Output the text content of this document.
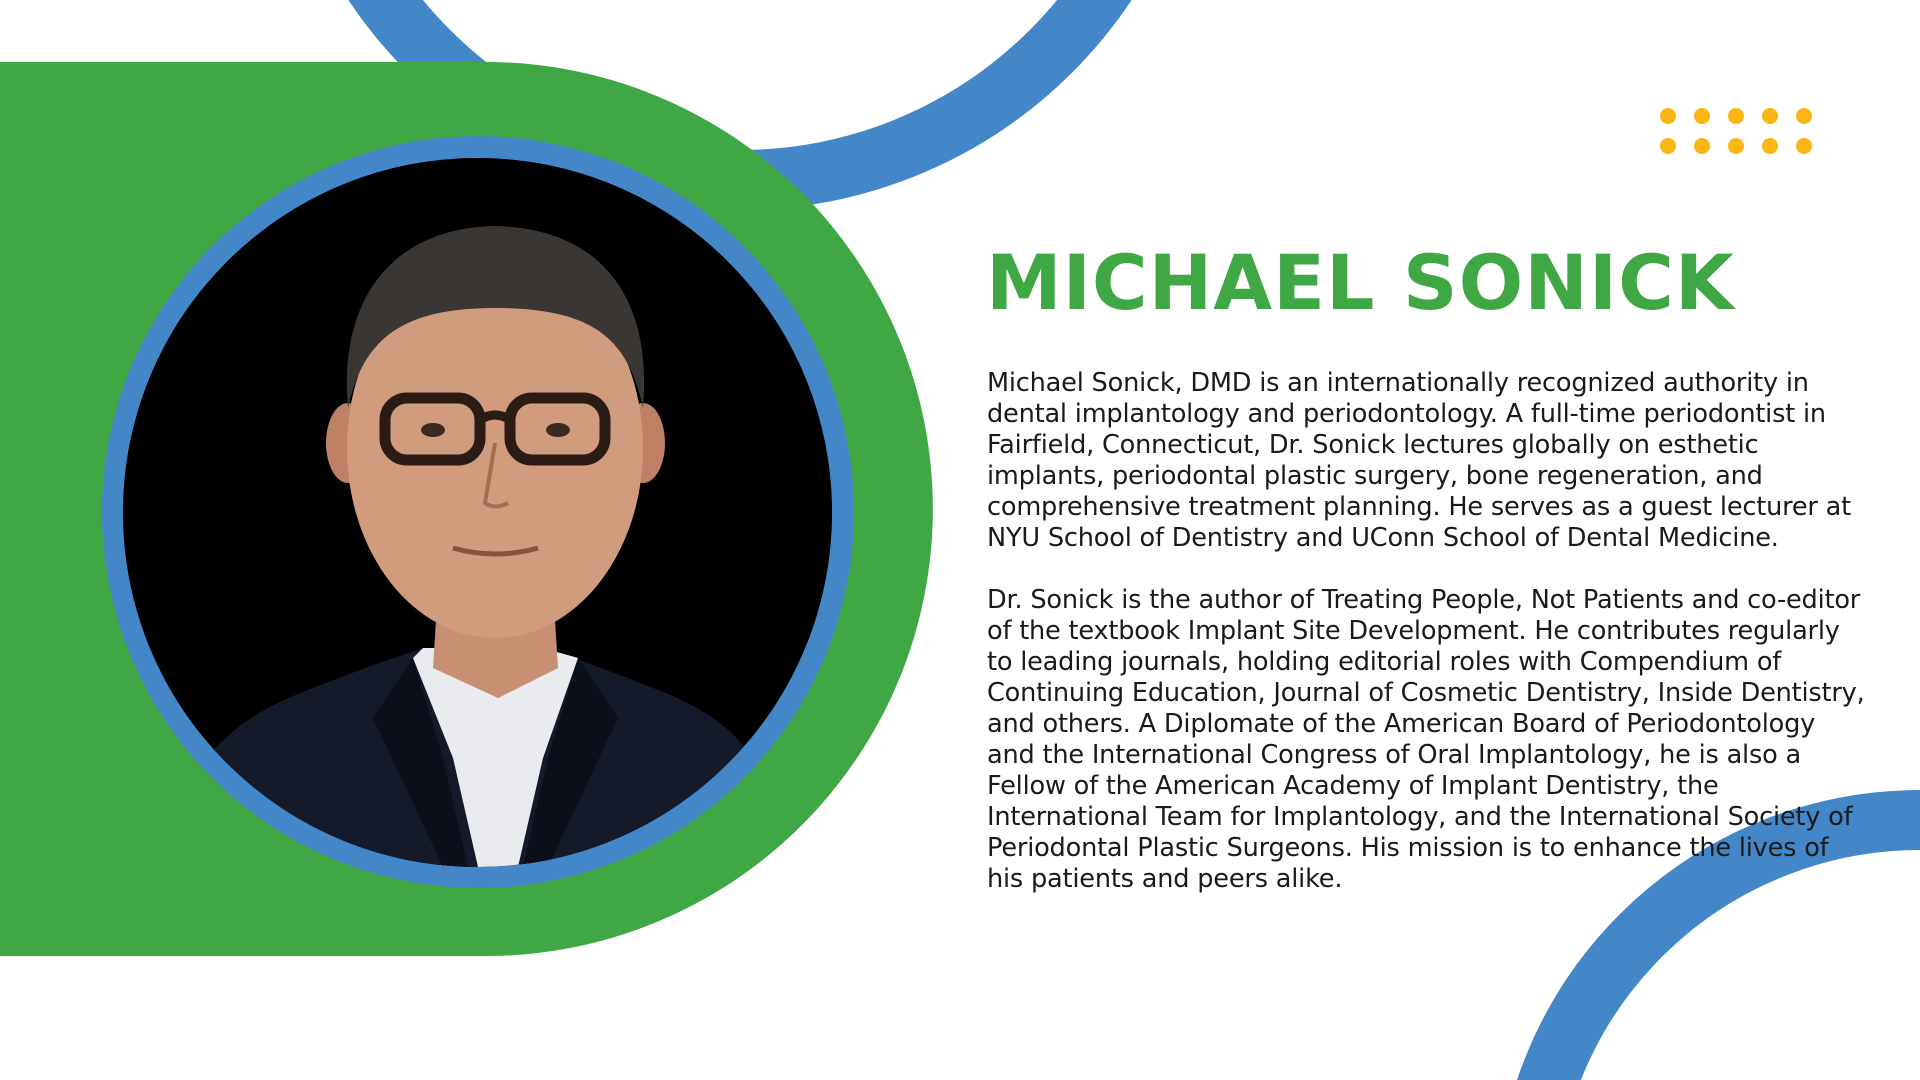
MICHAEL SONICK

Michael Sonick, DMD is an internationally recognized authority in dental implantology and periodontology. A full-time periodontist in Fairfield, Connecticut, Dr. Sonick lectures globally on esthetic implants, periodontal plastic surgery, bone regeneration, and comprehensive treatment planning. He serves as a guest lecturer at NYU School of Dentistry and UConn School of Dental Medicine.

Dr. Sonick is the author of Treating People, Not Patients and co-editor of the textbook Implant Site Development. He contributes regularly to leading journals, holding editorial roles with Compendium of Continuing Education, Journal of Cosmetic Dentistry, Inside Dentistry, and others. A Diplomate of the American Board of Periodontology and the International Congress of Oral Implantology, he is also a Fellow of the American Academy of Implant Dentistry, the International Team for Implantology, and the International Society of Periodontal Plastic Surgeons. His mission is to enhance the lives of his patients and peers alike.
